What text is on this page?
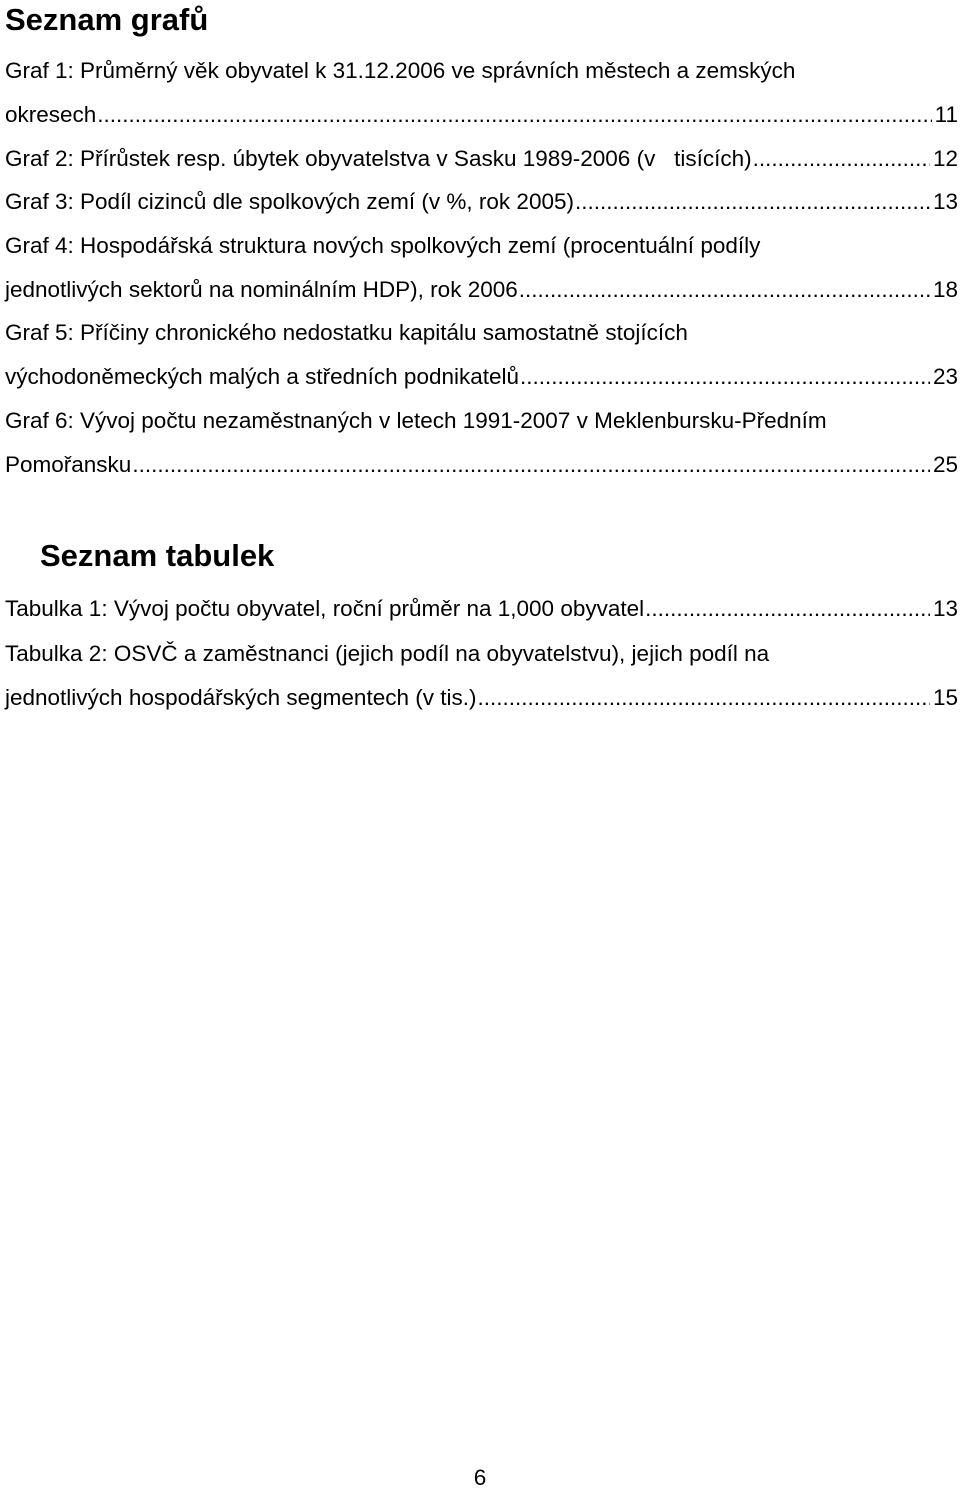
Seznam grafů
Graf 1: Průměrný věk obyvatel k 31.12.2006 ve správních městech a zemských
okresech .....	11
Graf 2: Přírůstek resp. úbytek obyvatelstva v Sasku 1989-2006 (v   tisících) .....	12
Graf 3: Podíl cizinců dle spolkových zemí (v %, rok 2005) .....	13
Graf 4: Hospodářská struktura nových spolkových zemí (procentuální podíly
jednotlivých sektorů na nominálním HDP), rok 2006 .....	18
Graf 5: Příčiny chronického nedostatku kapitálu samostatně stojících
východoněmeckých malých a středních podnikatelů .....	23
Graf 6: Vývoj počtu nezaměstnaných v letech 1991-2007 v Meklenbursku-Předním
Pomořansku .....	25
Seznam tabulek
Tabulka 1: Vývoj počtu obyvatel, roční průměr na 1,000 obyvatel .....	13
Tabulka 2: OSVČ a zaměstnanci (jejich podíl na obyvatelstvu), jejich podíl na
jednotlivých hospodářských segmentech (v tis.) .....	15
6
